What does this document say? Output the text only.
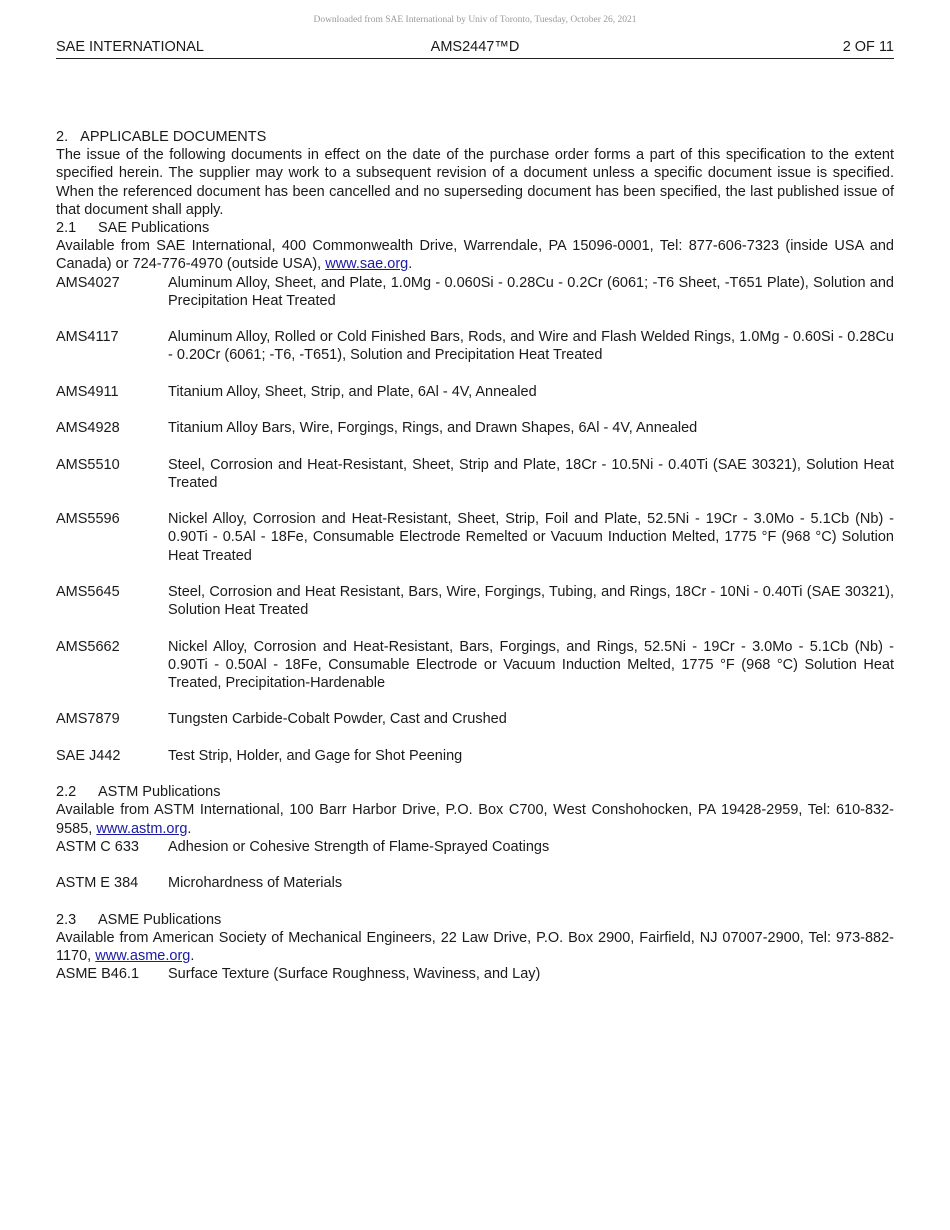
Downloaded from SAE International by Univ of Toronto, Tuesday, October 26, 2021
SAE INTERNATIONAL	AMS2447™D	2 OF 11

2.   APPLICABLE DOCUMENTS

The issue of the following documents in effect on the date of the purchase order forms a part of this specification to the extent specified herein. The supplier may work to a subsequent revision of a document unless a specific document issue is specified. When the referenced document has been cancelled and no superseding document has been specified, the last published issue of that document shall apply.

2.1 SAE Publications

Available from SAE International, 400 Commonwealth Drive, Warrendale, PA 15096-0001, Tel: 877-606-7323 (inside USA and Canada) or 724-776-4970 (outside USA), www.sae.org.

AMS4027	Aluminum Alloy, Sheet, and Plate, 1.0Mg - 0.060Si - 0.28Cu - 0.2Cr (6061; -T6 Sheet, -T651 Plate), Solution and Precipitation Heat Treated
AMS4117	Aluminum Alloy, Rolled or Cold Finished Bars, Rods, and Wire and Flash Welded Rings, 1.0Mg - 0.60Si - 0.28Cu - 0.20Cr (6061; -T6, -T651), Solution and Precipitation Heat Treated
AMS4911	Titanium Alloy, Sheet, Strip, and Plate, 6Al - 4V, Annealed
AMS4928	Titanium Alloy Bars, Wire, Forgings, Rings, and Drawn Shapes, 6Al - 4V, Annealed
AMS5510	Steel, Corrosion and Heat-Resistant, Sheet, Strip and Plate, 18Cr - 10.5Ni - 0.40Ti (SAE 30321), Solution Heat Treated
AMS5596	Nickel Alloy, Corrosion and Heat-Resistant, Sheet, Strip, Foil and Plate, 52.5Ni - 19Cr - 3.0Mo - 5.1Cb (Nb) - 0.90Ti - 0.5Al - 18Fe, Consumable Electrode Remelted or Vacuum Induction Melted, 1775 °F (968 °C) Solution Heat Treated
AMS5645	Steel, Corrosion and Heat Resistant, Bars, Wire, Forgings, Tubing, and Rings, 18Cr - 10Ni - 0.40Ti (SAE 30321), Solution Heat Treated
AMS5662	Nickel Alloy, Corrosion and Heat-Resistant, Bars, Forgings, and Rings, 52.5Ni - 19Cr - 3.0Mo - 5.1Cb (Nb) - 0.90Ti - 0.50Al - 18Fe, Consumable Electrode or Vacuum Induction Melted, 1775 °F (968 °C) Solution Heat Treated, Precipitation-Hardenable
AMS7879	Tungsten Carbide-Cobalt Powder, Cast and Crushed
SAE J442	Test Strip, Holder, and Gage for Shot Peening

2.2 ASTM Publications

Available from ASTM International, 100 Barr Harbor Drive, P.O. Box C700, West Conshohocken, PA 19428-2959, Tel: 610-832-9585, www.astm.org.

ASTM C 633	Adhesion or Cohesive Strength of Flame-Sprayed Coatings
ASTM E 384	Microhardness of Materials

2.3 ASME Publications

Available from American Society of Mechanical Engineers, 22 Law Drive, P.O. Box 2900, Fairfield, NJ 07007-2900, Tel: 973-882-1170, www.asme.org.

ASME B46.1	Surface Texture (Surface Roughness, Waviness, and Lay)
